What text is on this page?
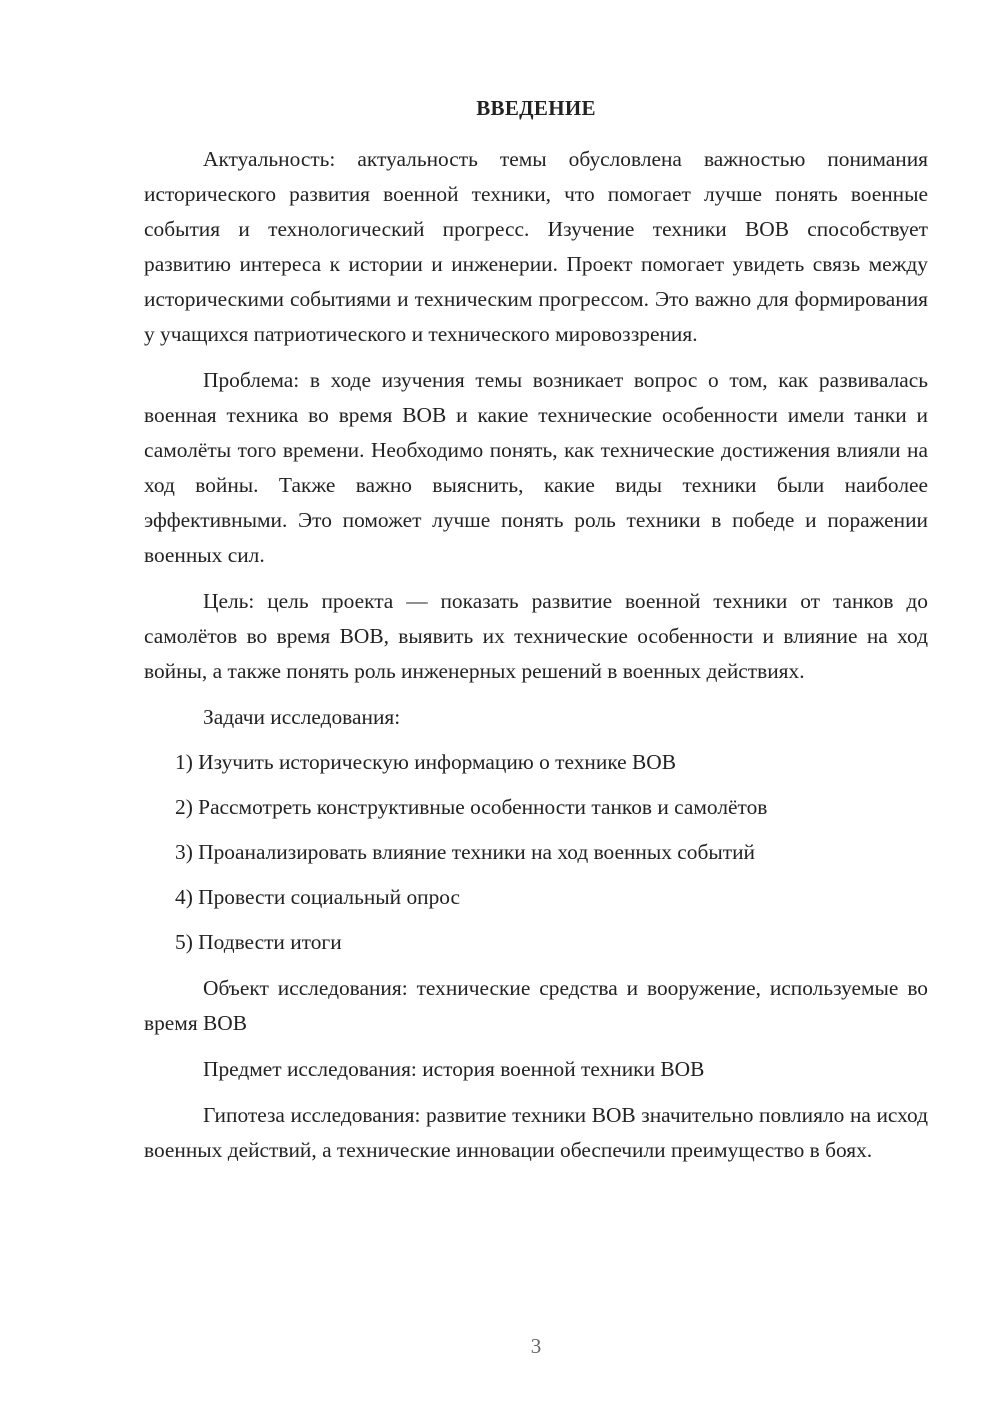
ВВЕДЕНИЕ

Актуальность: актуальность темы обусловлена важностью понимания исторического развития военной техники, что помогает лучше понять военные события и технологический прогресс. Изучение техники ВОВ способствует развитию интереса к истории и инженерии. Проект помогает увидеть связь между историческими событиями и техническим прогрессом. Это важно для формирования у учащихся патриотического и технического мировоззрения.

Проблема: в ходе изучения темы возникает вопрос о том, как развивалась военная техника во время ВОВ и какие технические особенности имели танки и самолёты того времени. Необходимо понять, как технические достижения влияли на ход войны. Также важно выяснить, какие виды техники были наиболее эффективными. Это поможет лучше понять роль техники в победе и поражении военных сил.

Цель: цель проекта — показать развитие военной техники от танков до самолётов во время ВОВ, выявить их технические особенности и влияние на ход войны, а также понять роль инженерных решений в военных действиях.

Задачи исследования:

1) Изучить историческую информацию о технике ВОВ

2) Рассмотреть конструктивные особенности танков и самолётов

3) Проанализировать влияние техники на ход военных событий

4) Провести социальный опрос

5) Подвести итоги

Объект исследования: технические средства и вооружение, используемые во время ВОВ

Предмет исследования: история военной техники ВОВ

Гипотеза исследования: развитие техники ВОВ значительно повлияло на исход военных действий, а технические инновации обеспечили преимущество в боях.

3
